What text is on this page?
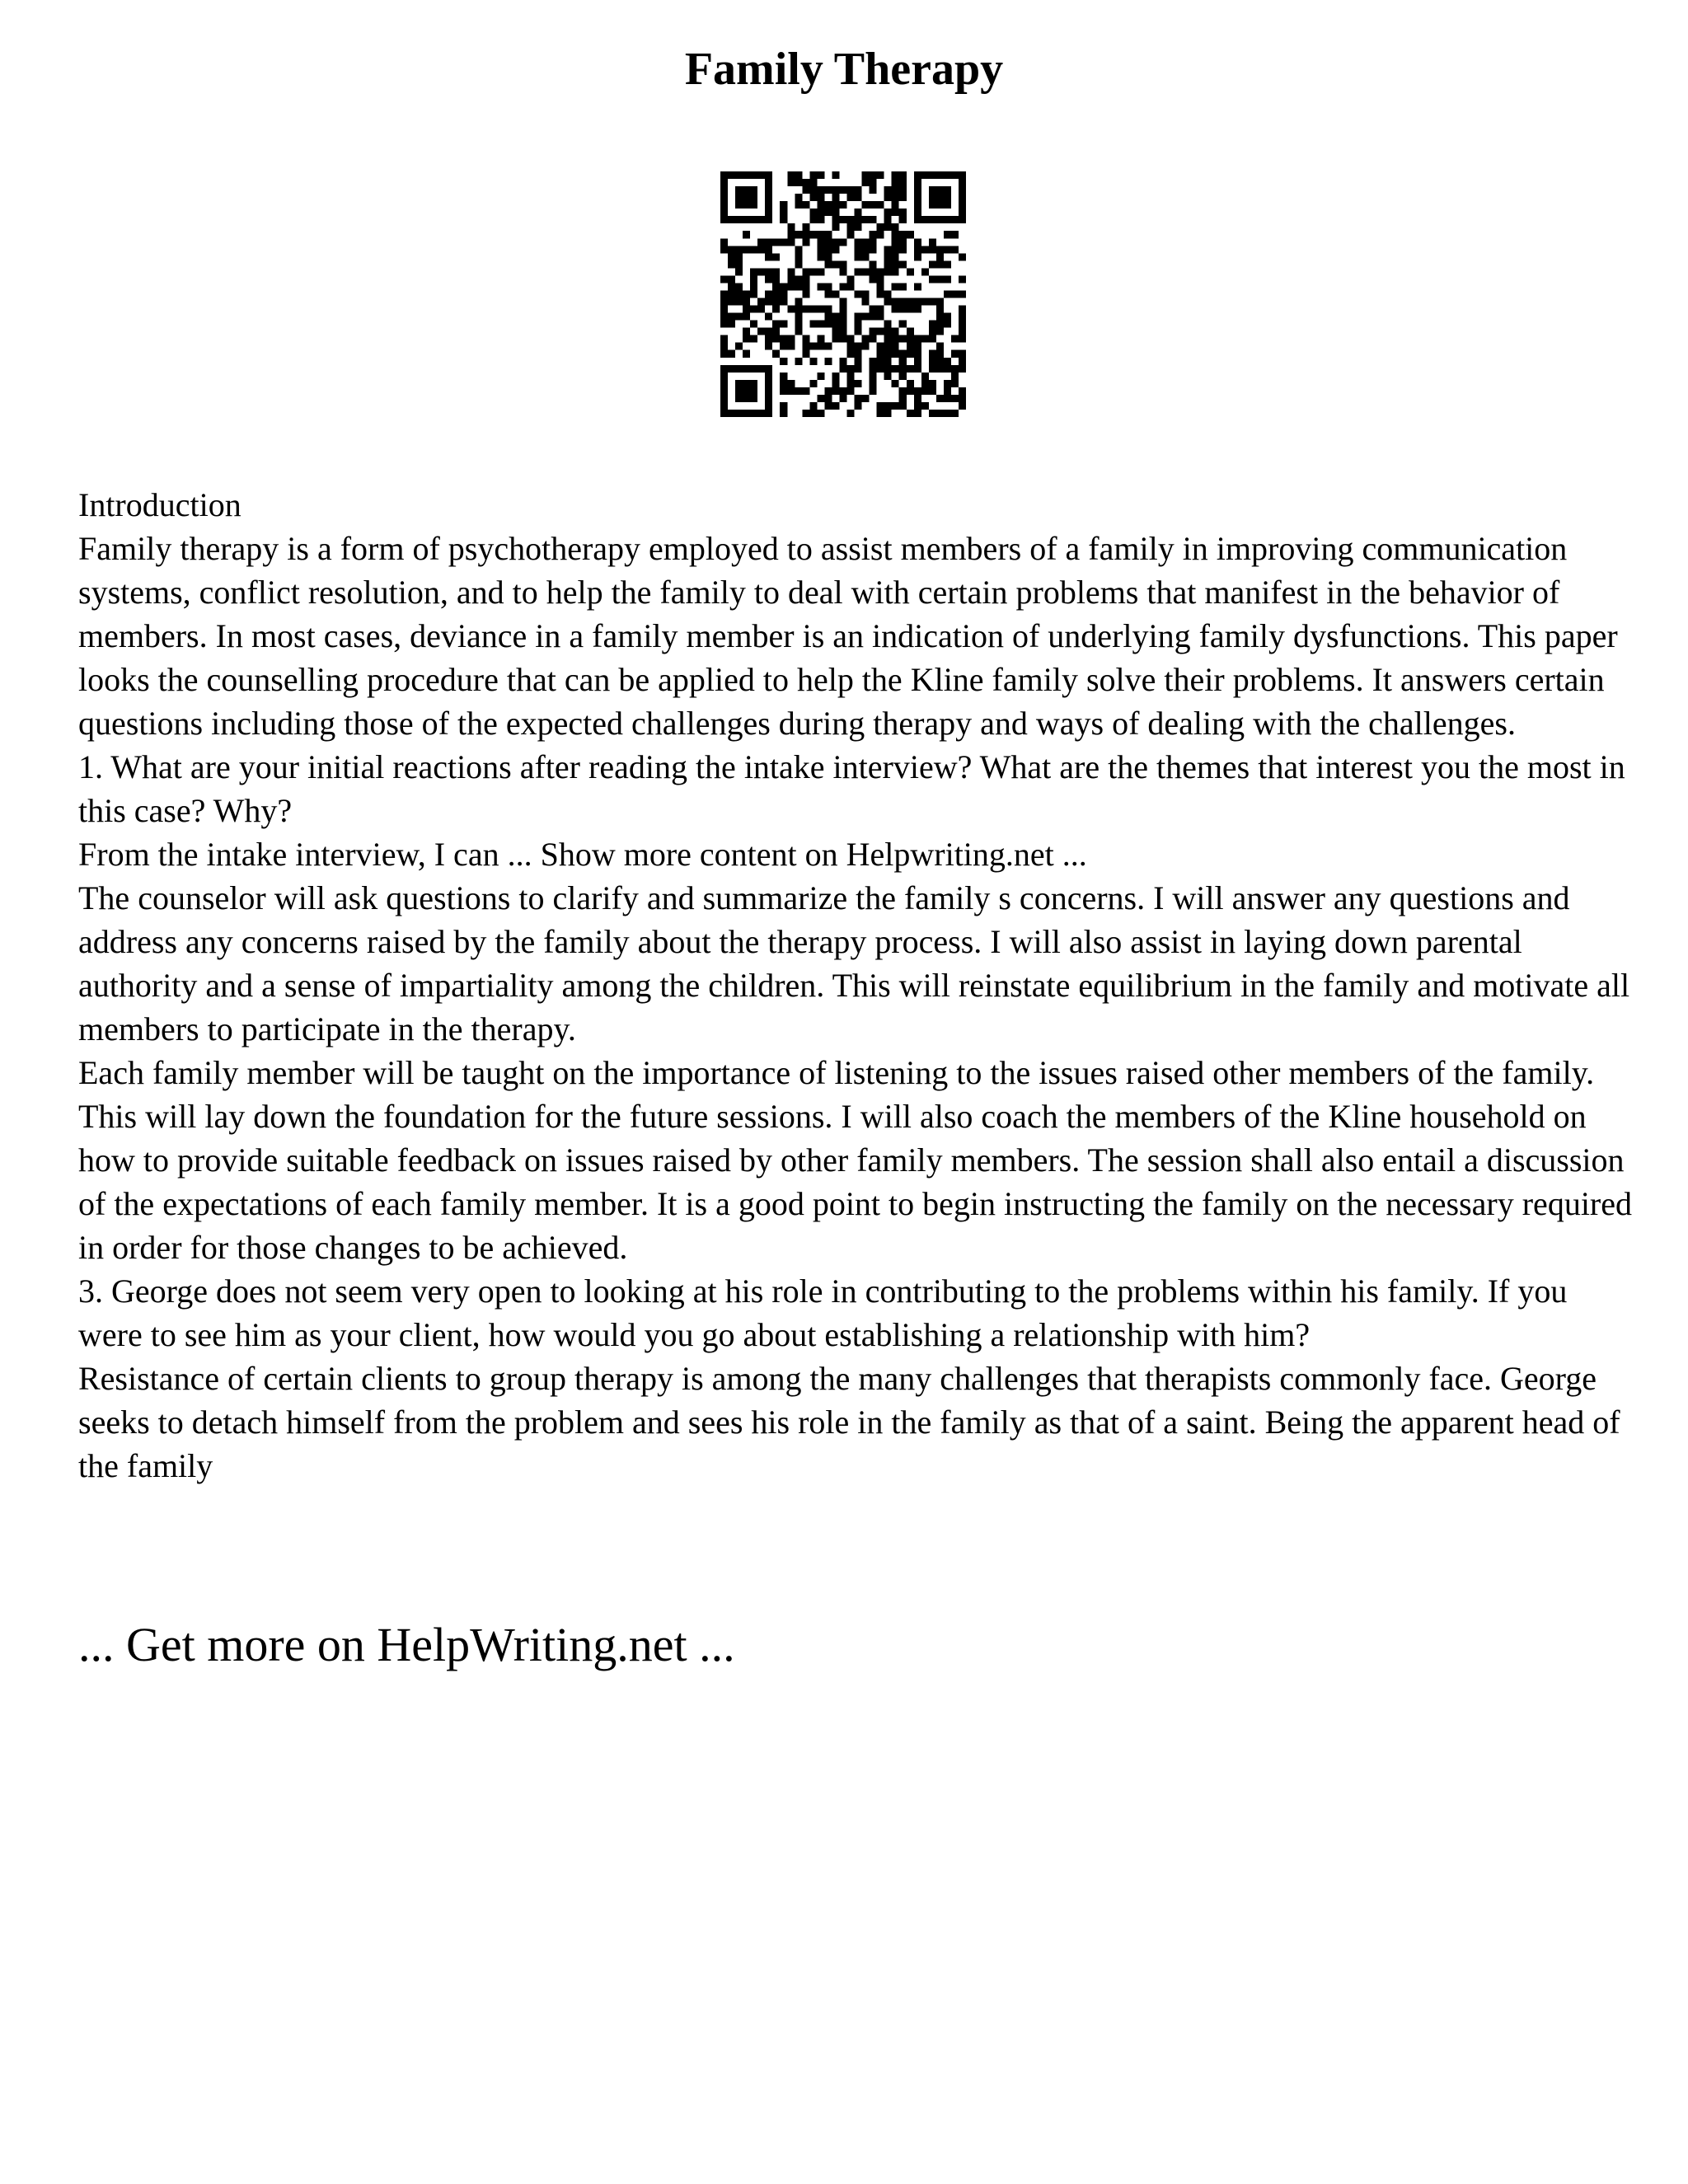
Family Therapy

Introduction

Family therapy is a form of psychotherapy employed to assist members of a family in improving communication systems, conflict resolution, and to help the family to deal with certain problems that manifest in the behavior of members. In most cases, deviance in a family member is an indication of underlying family dysfunctions. This paper looks the counselling procedure that can be applied to help the Kline family solve their problems. It answers certain questions including those of the expected challenges during therapy and ways of dealing with the challenges.

1. What are your initial reactions after reading the intake interview? What are the themes that interest you the most in this case? Why?

From the intake interview, I can ... Show more content on Helpwriting.net ...

The counselor will ask questions to clarify and summarize the family s concerns. I will answer any questions and address any concerns raised by the family about the therapy process. I will also assist in laying down parental authority and a sense of impartiality among the children. This will reinstate equilibrium in the family and motivate all members to participate in the therapy.

Each family member will be taught on the importance of listening to the issues raised other members of the family. This will lay down the foundation for the future sessions. I will also coach the members of the Kline household on how to provide suitable feedback on issues raised by other family members. The session shall also entail a discussion of the expectations of each family member. It is a good point to begin instructing the family on the necessary required in order for those changes to be achieved.

3. George does not seem very open to looking at his role in contributing to the problems within his family. If you were to see him as your client, how would you go about establishing a relationship with him?

Resistance of certain clients to group therapy is among the many challenges that therapists commonly face. George seeks to detach himself from the problem and sees his role in the family as that of a saint. Being the apparent head of the family

... Get more on HelpWriting.net ...
